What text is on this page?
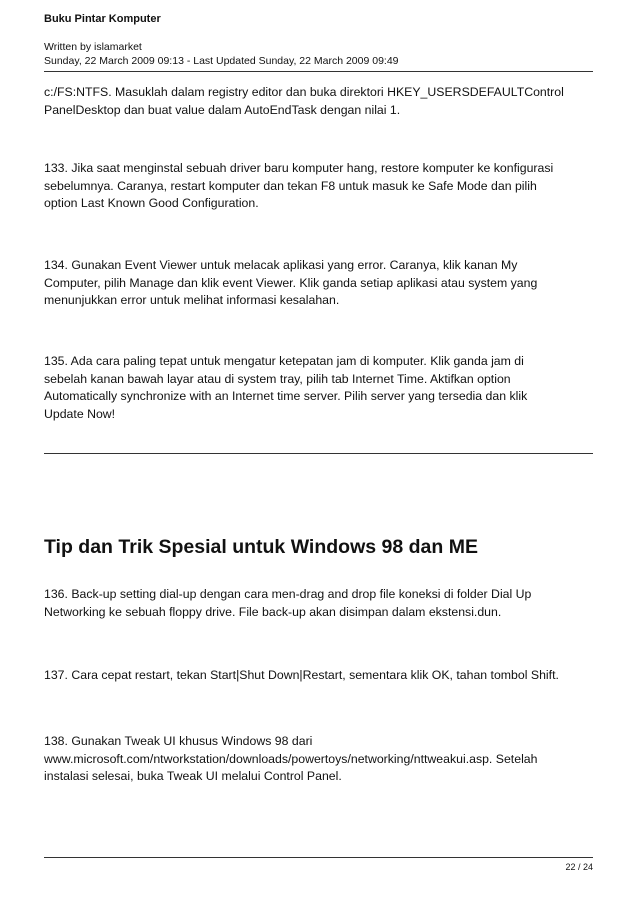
Buku Pintar Komputer
Written by islamarket
Sunday, 22 March 2009 09:13 - Last Updated Sunday, 22 March 2009 09:49

c:/FS:NTFS. Masuklah dalam registry editor dan buka direktori HKEY_USERSDEFAULTControl
PanelDesktop dan buat value dalam AutoEndTask dengan nilai 1.

133. Jika saat menginstal sebuah driver baru komputer hang, restore komputer ke konfigurasi
sebelumnya. Caranya, restart komputer dan tekan F8 untuk masuk ke Safe Mode dan pilih
option Last Known Good Configuration.

134. Gunakan Event Viewer untuk melacak aplikasi yang error. Caranya, klik kanan My
Computer, pilih Manage dan klik event Viewer. Klik ganda setiap aplikasi atau system yang
menunjukkan error untuk melihat informasi kesalahan.

135. Ada cara paling tepat untuk mengatur ketepatan jam di komputer. Klik ganda jam di
sebelah kanan bawah layar atau di system tray, pilih tab Internet Time. Aktifkan option
Automatically synchronize with an Internet time server. Pilih server yang tersedia dan klik
Update Now!

Tip dan Trik Spesial untuk Windows 98 dan ME

136. Back-up setting dial-up dengan cara men-drag and drop file koneksi di folder Dial Up
Networking ke sebuah floppy drive. File back-up akan disimpan dalam ekstensi.dun.

137. Cara cepat restart, tekan Start|Shut Down|Restart, sementara klik OK, tahan tombol Shift.

138. Gunakan Tweak UI khusus Windows 98 dari
www.microsoft.com/ntworkstation/downloads/powertoys/networking/nttweakui.asp. Setelah
instalasi selesai, buka Tweak UI melalui Control Panel.

22 / 24
